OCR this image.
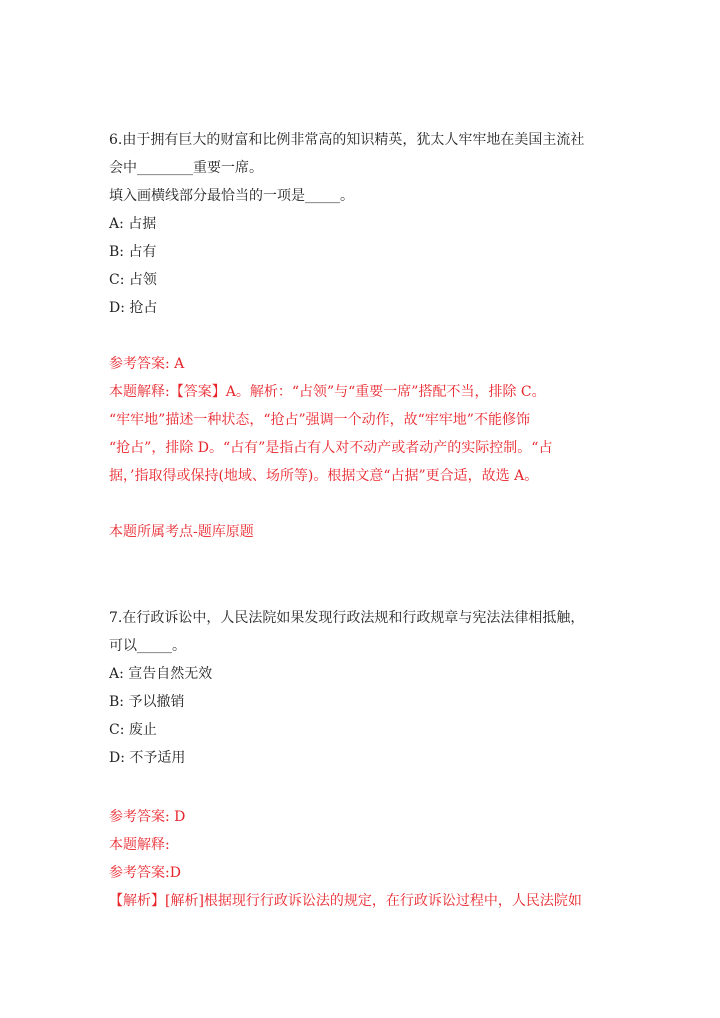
6.由于拥有巨大的财富和比例非常高的知识精英，犹太人牢牢地在美国主流社
会中________重要一席。
填入画横线部分最恰当的一项是_____。
A: 占据
B: 占有
C: 占领
D: 抢占
参考答案: A
本题解释:【答案】A。解析：“占领”与“重要一席”搭配不当，排除 C。
“牢牢地”描述一种状态，“抢占”强调一个动作，故“牢牢地”不能修饰
“抢占”，排除 D。“占有”是指占有人对不动产或者动产的实际控制。“占
据，’指取得或保持(地域、场所等)。根据文意“占据”更合适，故选 A。
本题所属考点-题库原题
7.在行政诉讼中，人民法院如果发现行政法规和行政规章与宪法法律相抵触，
可以_____。
A: 宣告自然无效
B: 予以撤销
C: 废止
D: 不予适用
参考答案: D
本题解释:
参考答案:D
【解析】[解析]根据现行行政诉讼法的规定，在行政诉讼过程中，人民法院如
